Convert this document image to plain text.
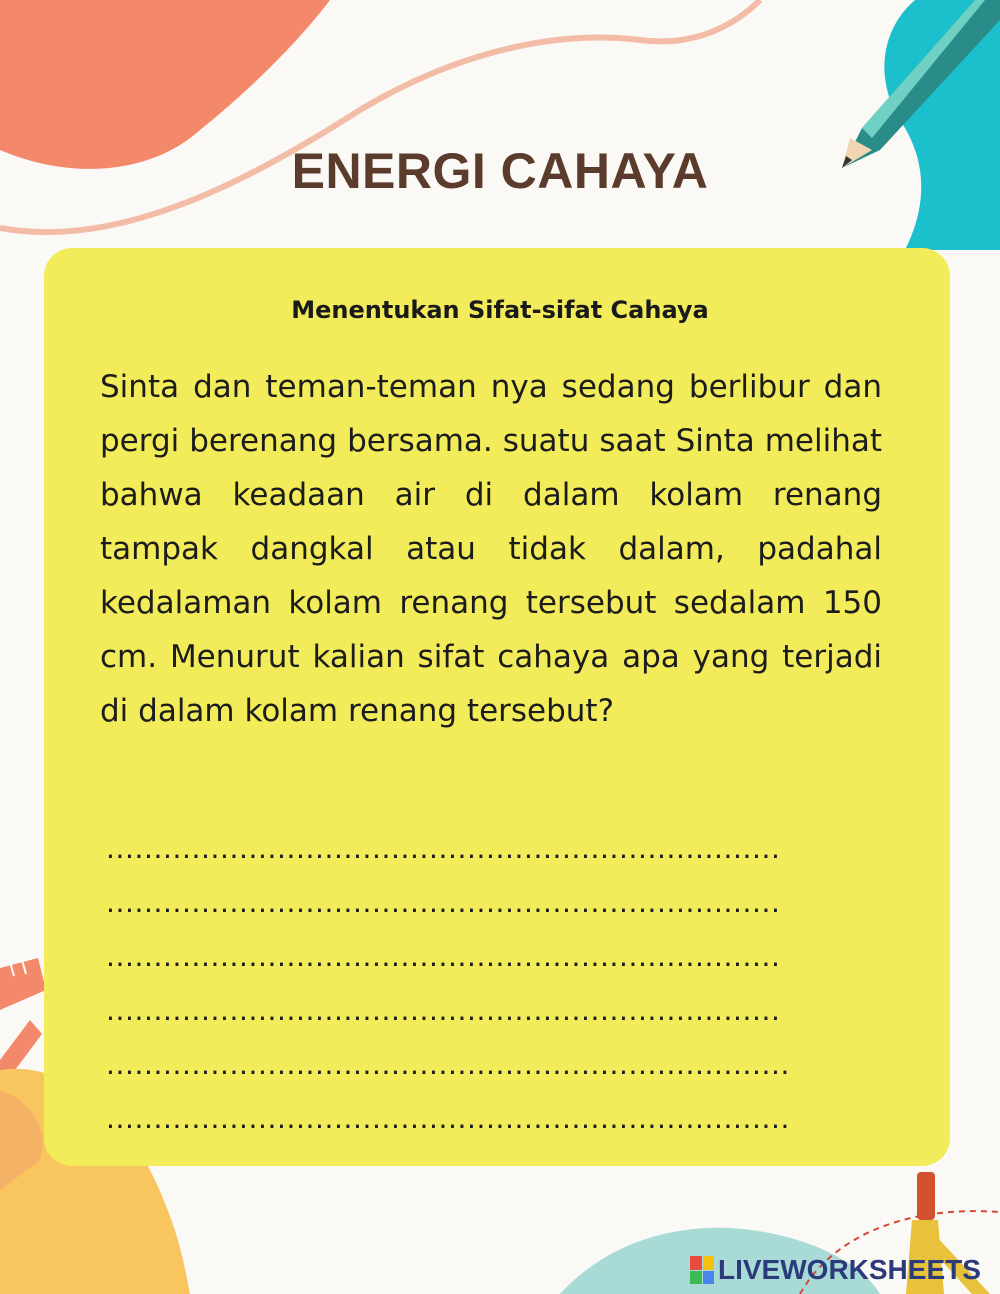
ENERGI CAHAYA
Menentukan Sifat-sifat Cahaya

Sinta dan teman-teman nya sedang berlibur dan pergi berenang bersama. suatu saat Sinta melihat bahwa keadaan air di dalam kolam renang tampak dangkal atau tidak dalam, padahal kedalaman kolam renang tersebut sedalam 150 cm. Menurut kalian sifat cahaya apa yang terjadi di dalam kolam renang tersebut?

.......................................................................
.......................................................................
.......................................................................
.......................................................................
........................................................................
........................................................................
LIVEWORKSHEETS
